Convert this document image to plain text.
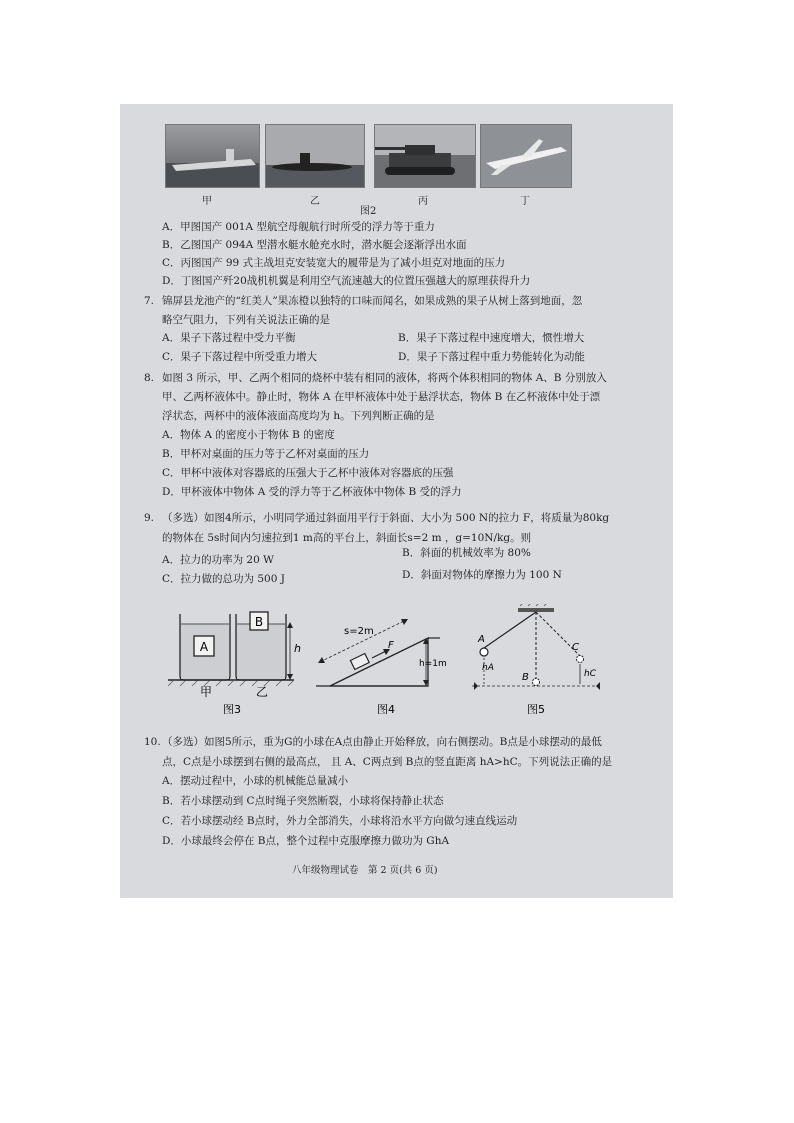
甲	乙	丙	丁
图2
A．甲图国产 001A 型航空母舰航行时所受的浮力等于重力
B．乙图国产 094A 型潜水艇水舱充水时，潜水艇会逐渐浮出水面
C．丙图国产 99 式主战坦克安装宽大的履带是为了减小坦克对地面的压力
D．丁图国产歼20战机机翼是利用空气流速越大的位置压强越大的原理获得升力
7. 锦屏县龙池产的“红美人”果冻橙以独特的口味而闻名，如果成熟的果子从树上落到地面，忽
略空气阻力，下列有关说法正确的是
A．果子下落过程中受力平衡	B．果子下落过程中速度增大，惯性增大
C．果子下落过程中所受重力增大	D．果子下落过程中重力势能转化为动能
8. 如图 3 所示，甲、乙两个相同的烧杯中装有相同的液体，将两个体积相同的物体 A、B 分别放入
甲、乙两杯液体中。静止时，物体 A 在甲杯液体中处于悬浮状态，物体 B 在乙杯液体中处于漂
浮状态，两杯中的液体液面高度均为 h。下列判断正确的是
A．物体 A 的密度小于物体 B 的密度
B．甲杯对桌面的压力等于乙杯对桌面的压力
C．甲杯中液体对容器底的压强大于乙杯中液体对容器底的压强
D．甲杯液体中物体 A 受的浮力等于乙杯液体中物体 B 受的浮力
9. （多选）如图4所示，小明同学通过斜面用平行于斜面、大小为 500 N的拉力 F，将质量为80kg
的物体在 5s时间内匀速拉到1 m高的平台上，斜面长s=2 m ，g=10N/kg。则
A．拉力的功率为 20 W
B．斜面的机械效率为 80%
C．拉力做的总功为 500 J	D．斜面对物体的摩擦力为 100 N
A
B
h
甲	乙
图3
F
s=2m
h=1m
图4
A
B
C
hA
hC
图5
10. （多选）如图5所示，重为G的小球在A点由静止开始释放，向右侧摆动。B点是小球摆动的最低
点，C点是小球摆到右侧的最高点， 且 A、C两点到 B点的竖直距离 hA>hC。下列说法正确的是
A．摆动过程中，小球的机械能总量减小
B．若小球摆动到 C点时绳子突然断裂，小球将保持静止状态
C．若小球摆动经 B点时，外力全部消失，小球将沿水平方向做匀速直线运动
D．小球最终会停在 B点，整个过程中克服摩擦力做功为 GhA
八年级物理试卷　第 2 页(共 6 页)
